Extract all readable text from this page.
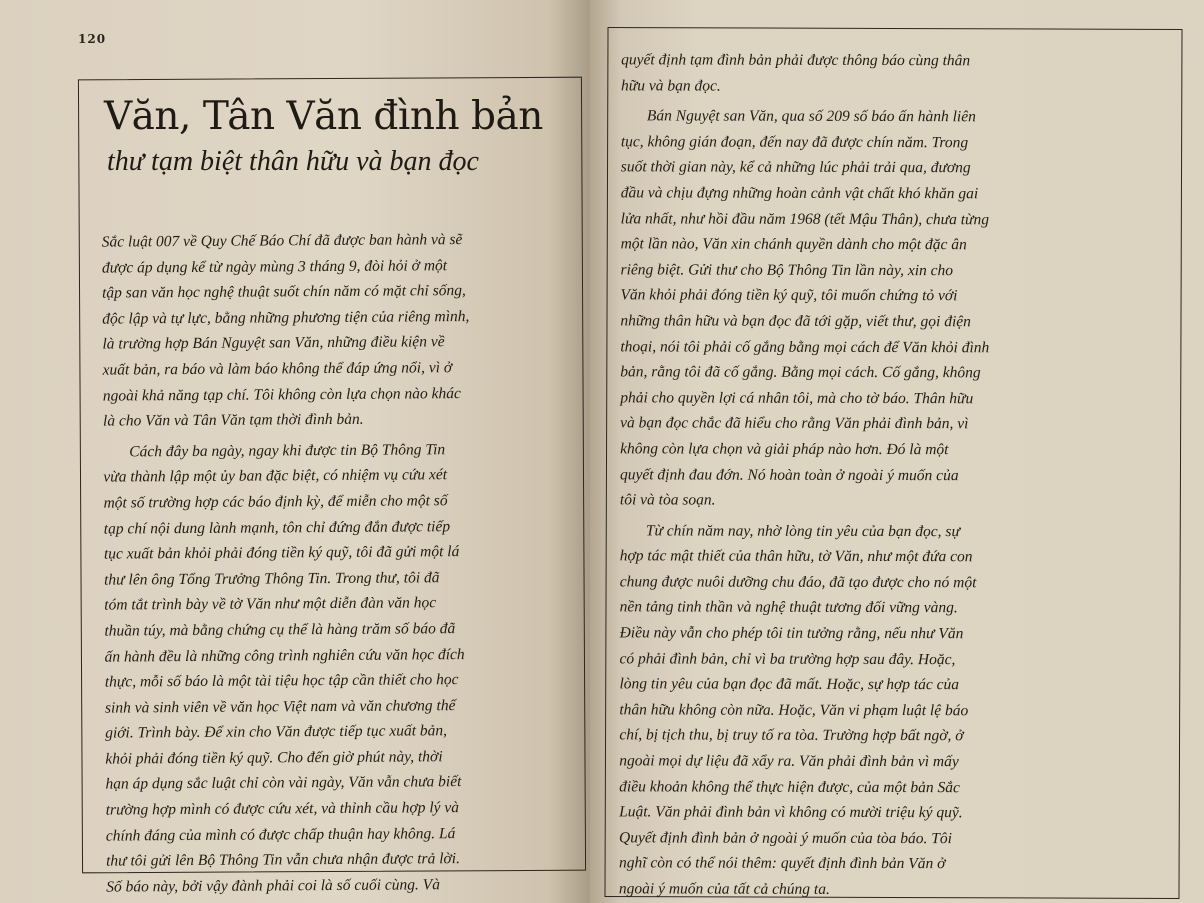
120
Văn, Tân Văn đình bản
thư tạm biệt thân hữu và bạn đọc

Sắc luật 007 về Quy Chế Báo Chí đã được ban hành và sẽ
được áp dụng kể từ ngày mùng 3 tháng 9, đòi hỏi ở một
tập san văn học nghệ thuật suốt chín năm có mặt chỉ sống,
độc lập và tự lực, bằng những phương tiện của riêng mình,
là trường hợp Bán Nguyệt san Văn, những điều kiện về
xuất bản, ra báo và làm báo không thể đáp ứng nổi, vì ở
ngoài khả năng tạp chí. Tôi không còn lựa chọn nào khác
là cho Văn và Tân Văn tạm thời đình bản.

Cách đây ba ngày, ngay khi được tin Bộ Thông Tin
vừa thành lập một ủy ban đặc biệt, có nhiệm vụ cứu xét
một số trường hợp các báo định kỳ, để miễn cho một số
tạp chí nội dung lành mạnh, tôn chỉ đứng đắn được tiếp
tục xuất bản khỏi phải đóng tiền ký quỹ, tôi đã gửi một lá
thư lên ông Tổng Trưởng Thông Tin. Trong thư, tôi đã
tóm tắt trình bày về tờ Văn như một diễn đàn văn học
thuần túy, mà bằng chứng cụ thể là hàng trăm số báo đã
ấn hành đều là những công trình nghiên cứu văn học đích
thực, mỗi số báo là một tài tiệu học tập cần thiết cho học
sinh và sinh viên về văn học Việt nam và văn chương thế
giới. Trình bày. Để xin cho Văn được tiếp tục xuất bản,
khỏi phải đóng tiền ký quỹ. Cho đến giờ phút này, thời
hạn áp dụng sắc luật chỉ còn vài ngày, Văn vẫn chưa biết
trường hợp mình có được cứu xét, và thỉnh cầu hợp lý và
chính đáng của mình có được chấp thuận hay không. Lá
thư tôi gửi lên Bộ Thông Tin vẫn chưa nhận được trả lời.
Số báo này, bởi vậy đành phải coi là số cuối cùng. Và

quyết định tạm đình bản phải được thông báo cùng thân
hữu và bạn đọc.

Bán Nguyệt san Văn, qua số 209 số báo ấn hành liên
tục, không gián đoạn, đến nay đã được chín năm. Trong
suốt thời gian này, kể cả những lúc phải trải qua, đương
đầu và chịu đựng những hoàn cảnh vật chất khó khăn gai
lửa nhất, như hồi đầu năm 1968 (tết Mậu Thân), chưa từng
một lần nào, Văn xin chánh quyền dành cho một đặc ân
riêng biệt. Gửi thư cho Bộ Thông Tin lần này, xin cho
Văn khỏi phải đóng tiền ký quỹ, tôi muốn chứng tỏ với
những thân hữu và bạn đọc đã tới gặp, viết thư, gọi điện
thoại, nói tôi phải cố gắng bằng mọi cách để Văn khỏi đình
bản, rằng tôi đã cố gắng. Bằng mọi cách. Cố gắng, không
phải cho quyền lợi cá nhân tôi, mà cho tờ báo. Thân hữu
và bạn đọc chắc đã hiểu cho rằng Văn phải đình bản, vì
không còn lựa chọn và giải pháp nào hơn. Đó là một
quyết định đau đớn. Nó hoàn toàn ở ngoài ý muốn của
tôi và tòa soạn.

Từ chín năm nay, nhờ lòng tin yêu của bạn đọc, sự
hợp tác mật thiết của thân hữu, tờ Văn, như một đứa con
chung được nuôi dưỡng chu đáo, đã tạo được cho nó một
nền tảng tinh thần và nghệ thuật tương đối vững vàng.
Điều này vẫn cho phép tôi tin tưởng rằng, nếu như Văn
có phải đình bản, chỉ vì ba trường hợp sau đây. Hoặc,
lòng tin yêu của bạn đọc đã mất. Hoặc, sự hợp tác của
thân hữu không còn nữa. Hoặc, Văn vi phạm luật lệ báo
chí, bị tịch thu, bị truy tố ra tòa. Trường hợp bất ngờ, ở
ngoài mọi dự liệu đã xẩy ra. Văn phải đình bản vì mấy
điều khoản không thể thực hiện được, của một bản Sắc
Luật. Văn phải đình bản vì không có mười triệu ký quỹ.
Quyết định đình bản ở ngoài ý muốn của tòa báo. Tôi
nghĩ còn có thể nói thêm: quyết định đình bản Văn ở
ngoài ý muốn của tất cả chúng ta.
